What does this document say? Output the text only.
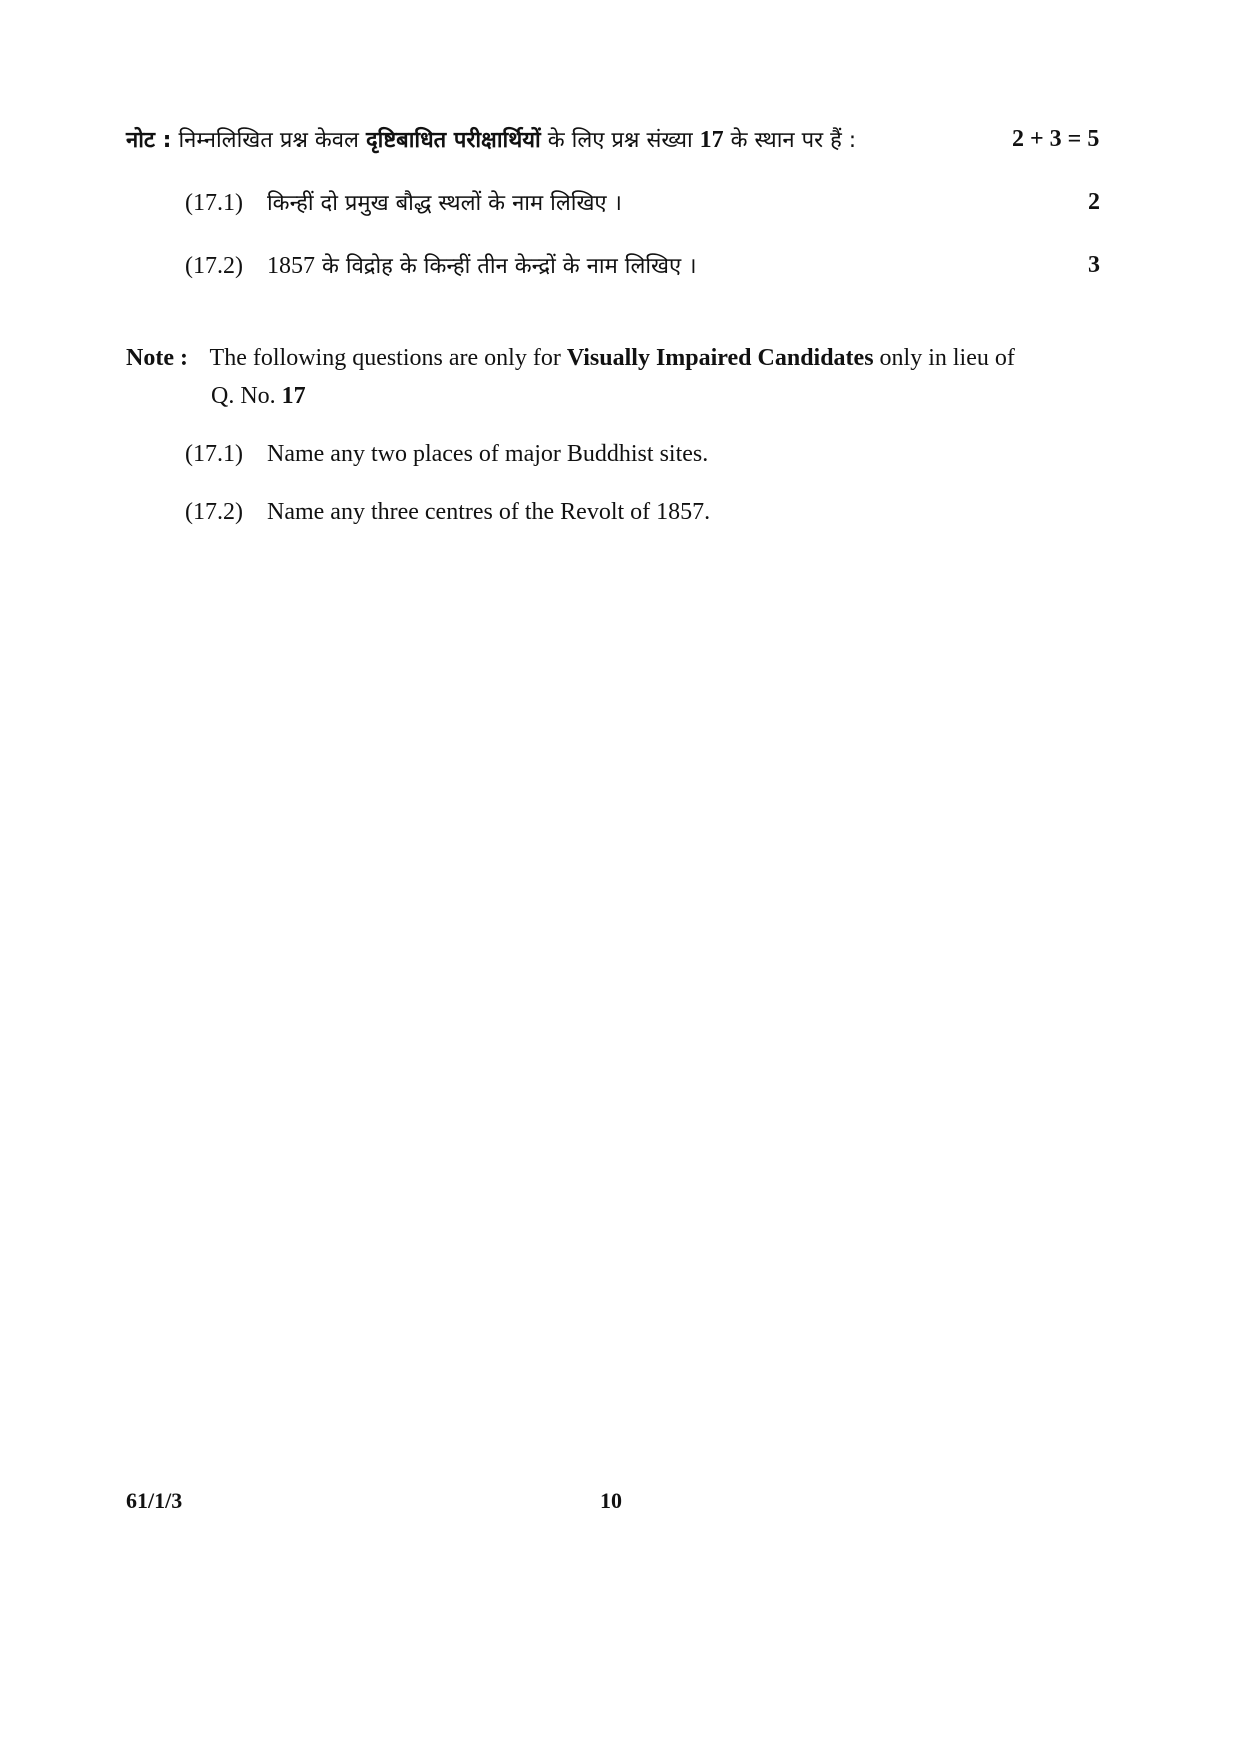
नोट : निम्नलिखित प्रश्न केवल दृष्टिबाधित परीक्षार्थियों के लिए प्रश्न संख्या 17 के स्थान पर हैं :	2 + 3 = 5
(17.1) किन्हीं दो प्रमुख बौद्ध स्थलों के नाम लिखिए ।	2
(17.2) 1857 के विद्रोह के किन्हीं तीन केन्द्रों के नाम लिखिए ।	3
Note : The following questions are only for Visually Impaired Candidates only in lieu of
Q. No. 17
(17.1) Name any two places of major Buddhist sites.
(17.2) Name any three centres of the Revolt of 1857.
61/1/3	10
